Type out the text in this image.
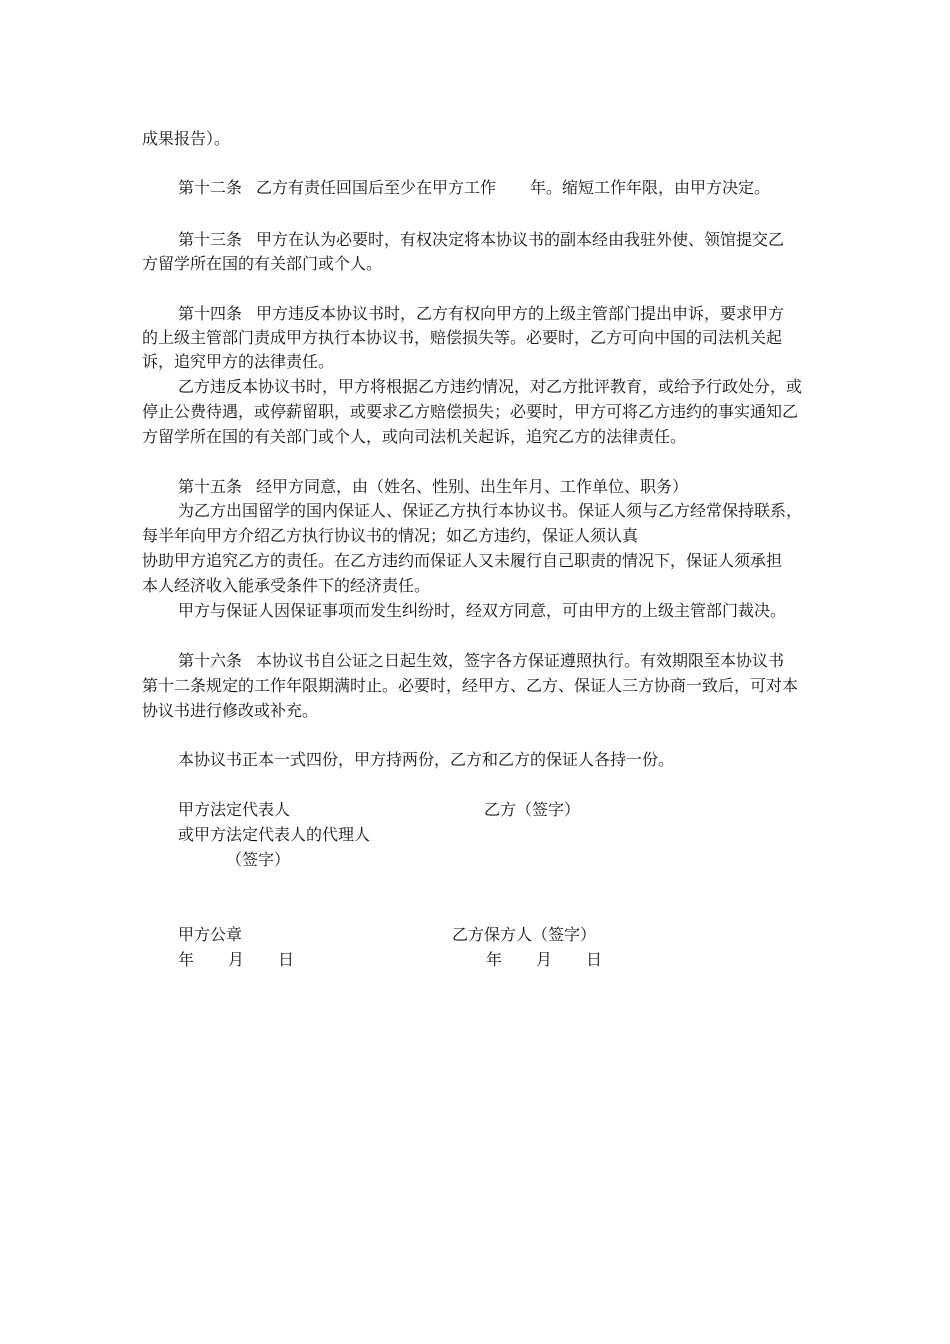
成果报告）。
第十二条 乙方有责任回国后至少在甲方工作 年。缩短工作年限，由甲方决定。
第十三条 甲方在认为必要时，有权决定将本协议书的副本经由我驻外使、领馆提交乙
方留学所在国的有关部门或个人。
第十四条 甲方违反本协议书时，乙方有权向甲方的上级主管部门提出申诉，要求甲方
的上级主管部门责成甲方执行本协议书，赔偿损失等。必要时，乙方可向中国的司法机关起
诉，追究甲方的法律责任。
乙方违反本协议书时，甲方将根据乙方违约情况，对乙方批评教育，或给予行政处分，或
停止公费待遇，或停薪留职，或要求乙方赔偿损失；必要时，甲方可将乙方违约的事实通知乙
方留学所在国的有关部门或个人，或向司法机关起诉，追究乙方的法律责任。
第十五条 经甲方同意，由（姓名、性别、出生年月、工作单位、职务）
为乙方出国留学的国内保证人、保证乙方执行本协议书。保证人须与乙方经常保持联系，
每半年向甲方介绍乙方执行协议书的情况；如乙方违约，保证人须认真
协助甲方追究乙方的责任。在乙方违约而保证人又未履行自己职责的情况下，保证人须承担
本人经济收入能承受条件下的经济责任。
甲方与保证人因保证事项而发生纠纷时，经双方同意，可由甲方的上级主管部门裁决。
第十六条 本协议书自公证之日起生效，签字各方保证遵照执行。有效期限至本协议书
第十二条规定的工作年限期满时止。必要时，经甲方、乙方、保证人三方协商一致后，可对本
协议书进行修改或补充。
本协议书正本一式四份，甲方持两份，乙方和乙方的保证人各持一份。
甲方法定代表人	乙方（签字）
或甲方法定代表人的代理人
（签字）
甲方公章	乙方保方人（签字）
年 月 日	年 月 日
